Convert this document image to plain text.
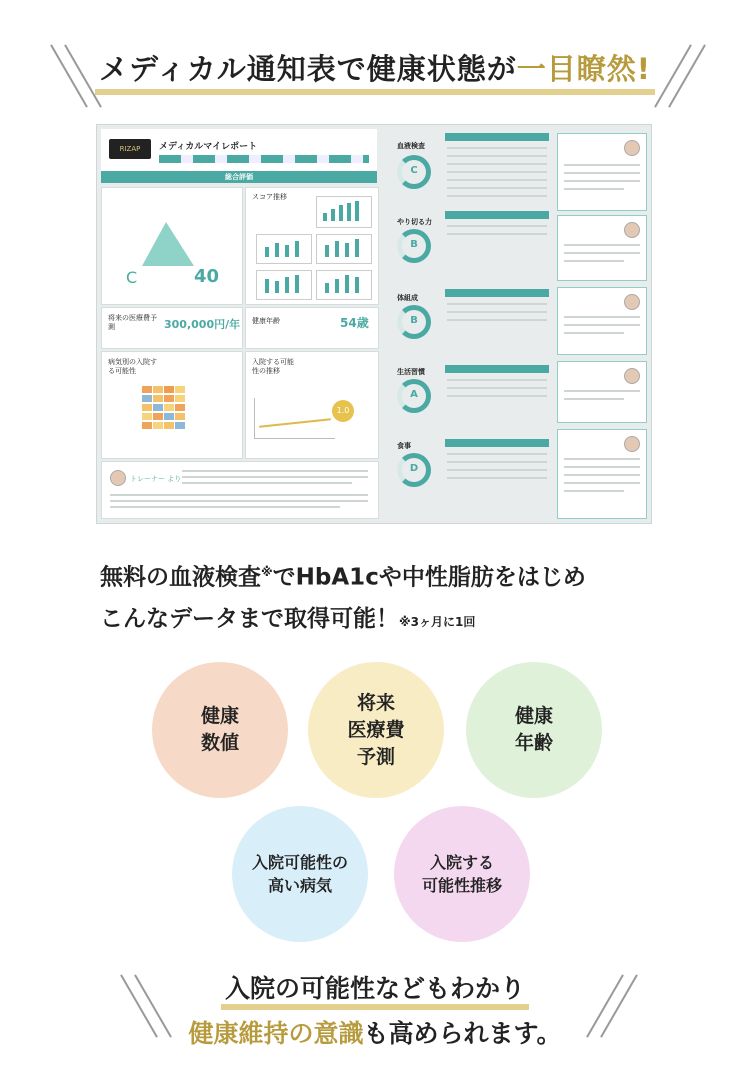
メディカル通知表で健康状態が一目瞭然!
RIZAP	メディカルマイレポート
総合評価
C	40
スコア推移
将来の医療費予測	300,000円/年 健康年齢	54歳
病気別の入院する可能性
入院する可能性の推移
1.0
トレーナー より
血液検査
C
やり切る力
B
体組成
B
生活習慣
A
食事
D
無料の血液検査※でHbA1cや中性脂肪をはじめ
こんなデータまで取得可能！※3ヶ月に1回
健康
数値
将来
医療費
予測
健康
年齢
入院可能性の
高い病気
入院する
可能性推移
入院の可能性などもわかり
健康維持の意識も高められます。
